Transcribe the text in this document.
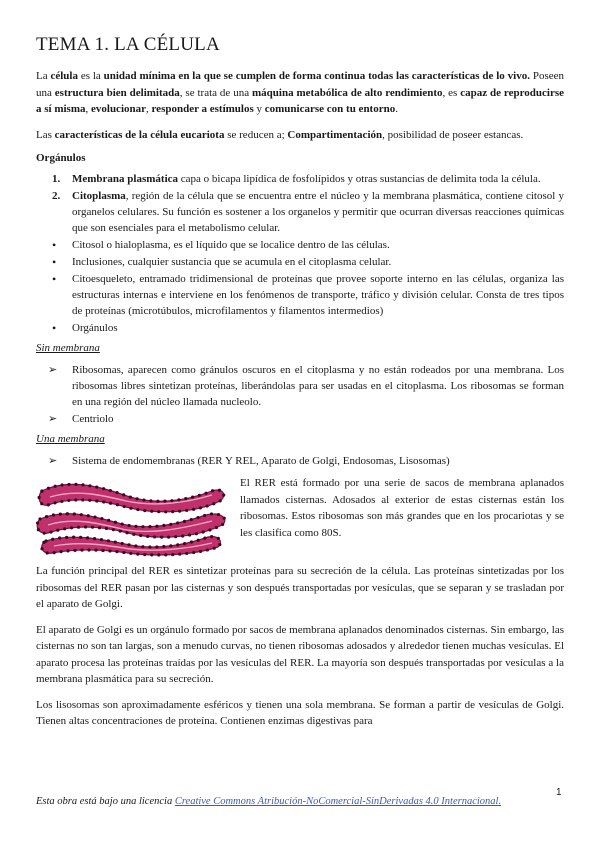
TEMA 1. LA CÉLULA

La célula es la unidad mínima en la que se cumplen de forma continua todas las características de lo vivo. Poseen una estructura bien delimitada, se trata de una máquina metabólica de alto rendimiento, es capaz de reproducirse a sí misma, evolucionar, responder a estímulos y comunicarse con tu entorno.

Las características de la célula eucariota se reducen a; Compartimentación, posibilidad de poseer estancas.

Orgánulos
1. Membrana plasmática capa o bicapa lipídica de fosfolípidos y otras sustancias de delimita toda la célula.
2. Citoplasma, región de la célula que se encuentra entre el núcleo y la membrana plasmática, contiene citosol y organelos celulares. Su función es sostener a los organelos y permitir que ocurran diversas reacciones químicas que son esenciales para el metabolismo celular.
• Citosol o hialoplasma, es el líquido que se localice dentro de las células.
• Inclusiones, cualquier sustancia que se acumula en el citoplasma celular.
• Citoesqueleto, entramado tridimensional de proteínas que provee soporte interno en las células, organiza las estructuras internas e interviene en los fenómenos de transporte, tráfico y división celular. Consta de tres tipos de proteínas (microtúbulos, microfilamentos y filamentos intermedios)
• Orgánulos
Sin membrana
➢ Ribosomas, aparecen como gránulos oscuros en el citoplasma y no están rodeados por una membrana. Los ribosomas libres sintetizan proteínas, liberándolas para ser usadas en el citoplasma. Los ribosomas se forman en una región del núcleo llamada nucleolo.
➢ Centriolo
Una membrana
➢ Sistema de endomembranas (RER Y REL, Aparato de Golgi, Endosomas, Lisosomas)

El RER está formado por una serie de sacos de membrana aplanados llamados cisternas. Adosados al exterior de estas cisternas están los ribosomas. Estos ribosomas son más grandes que en los procariotas y se les clasifica como 80S.

La función principal del RER es sintetizar proteínas para su secreción de la célula. Las proteínas sintetizadas por los ribosomas del RER pasan por las cisternas y son después transportadas por vesículas, que se separan y se trasladan por el aparato de Golgi.

El aparato de Golgi es un orgánulo formado por sacos de membrana aplanados denominados cisternas. Sin embargo, las cisternas no son tan largas, son a menudo curvas, no tienen ribosomas adosados y alrededor tienen muchas vesículas. El aparato procesa las proteínas traídas por las vesículas del RER. La mayoría son después transportadas por vesículas a la membrana plasmática para su secreción.

Los lisosomas son aproximadamente esféricos y tienen una sola membrana. Se forman a partir de vesículas de Golgi. Tienen altas concentraciones de proteína. Contienen enzimas digestivas para

1
Esta obra está bajo una licencia Creative Commons Atribución-NoComercial-SinDerivadas 4.0 Internacional.
